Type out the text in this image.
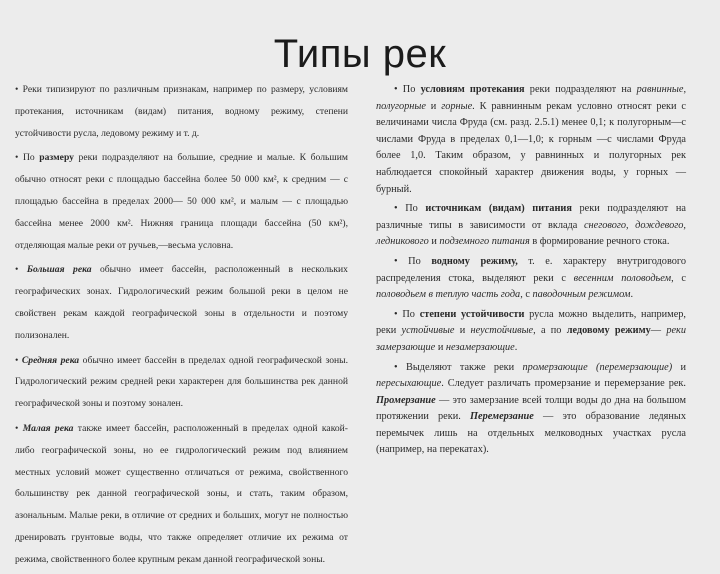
Типы рек

• Реки типизируют по различным признакам, например по размеру, условиям протекания, источникам (видам) питания, водному режиму, степени устойчивости русла, ледовому режиму и т. д.

• По размеру реки подразделяют на большие, средние и малые. К большим обычно относят реки с площадью бассейна более 50 000 км², к средним — с площадью бассейна в пределах 2000— 50 000 км², и малым — с площадью бассейна менее 2000 км². Нижняя граница площади бассейна (50 км²), отделяющая малые реки от ручьев,—весьма условна.

• Большая река обычно имеет бассейн, расположенный в нескольких географических зонах. Гидрологический режим большой реки в целом не свойствен рекам каждой географической зоны в отдельности и поэтому полизонален.

• Средняя река обычно имеет бассейн в пределах одной географической зоны. Гидрологический режим средней реки характерен для большинства рек данной географической зоны и поэтому зонален.

• Малая река также имеет бассейн, расположенный в пределах одной какой-либо географической зоны, но ее гидрологический режим под влиянием местных условий может существенно отличаться от режима, свойственного большинству рек данной географической зоны, и стать, таким образом, азональным. Малые реки, в отличие от средних и больших, могут не полностью дренировать грунтовые воды, что также определяет отличие их режима от режима, свойственного более крупным рекам данной географической зоны.

• По условиям протекания реки подразделяют на равнинные, полугорные и горные. К равнинным рекам условно относят реки с величинами числа Фруда (см. разд. 2.5.1) менее 0,1; к полугорным—с числами Фруда в пределах 0,1—1,0; к горным —с числами Фруда более 1,0. Таким образом, у равнинных и полугорных рек наблюдается спокойный характер движения воды, у горных — бурный.

• По источникам (видам) питания реки подразделяют на различные типы в зависимости от вклада снегового, дождевого, ледникового и подземного питания в формирование речного стока.

• По водному режиму, т. е. характеру внутригодового распределения стока, выделяют реки с весенним половодьем, с половодьем в теплую часть года, с паводочным режимом.

• По степени устойчивости русла можно выделить, например, реки устойчивые и неустойчивые, а по ледовому режиму— реки замерзающие и незамерзающие.

• Выделяют также реки промерзающие (перемерзающие) и пересыхающие. Следует различать промерзание и перемерзание рек. Промерзание — это замерзание всей толщи воды до дна на большом протяжении реки. Перемерзание — это образование ледяных перемычек лишь на отдельных мелководных участках русла (например, на перекатах).
